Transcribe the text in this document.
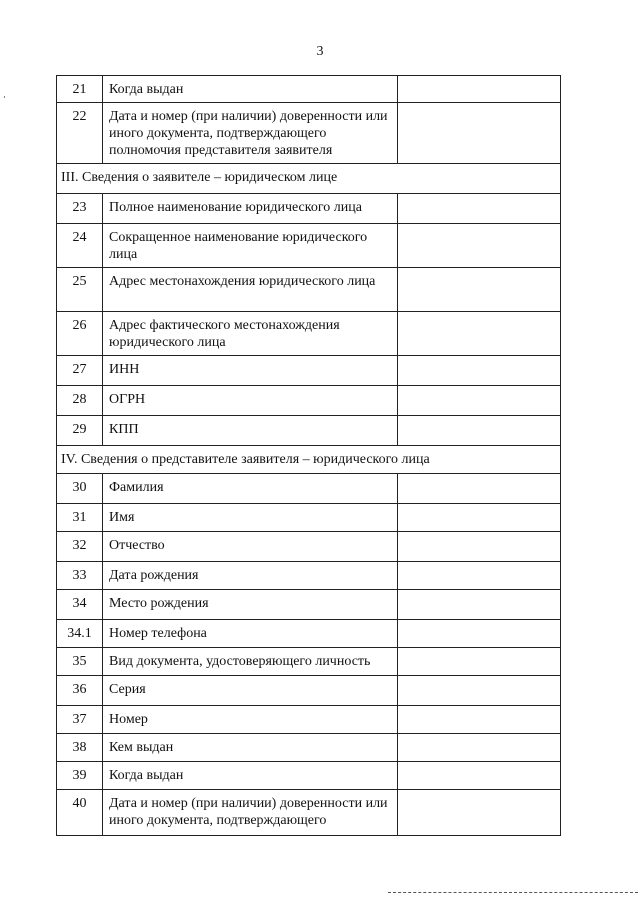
3
21	Когда выдан	
22	Дата и номер (при наличии) доверенности или иного документа, подтверждающего полномочия представителя заявителя	
III. Сведения о заявителе – юридическом лице		
23	Полное наименование юридического лица	
24	Сокращенное наименование юридического лица	
25	Адрес местонахождения юридического лица	
26	Адрес фактического местонахождения юридического лица	
27	ИНН	
28	ОГРН	
29	КПП	
IV. Сведения о представителе заявителя – юридического лица		
30	Фамилия	
31	Имя	
32	Отчество	
33	Дата рождения	
34	Место рождения	
34.1	Номер телефона	
35	Вид документа, удостоверяющего личность	
36	Серия	
37	Номер	
38	Кем выдан	
39	Когда выдан	
40	Дата и номер (при наличии) доверенности или иного документа, подтверждающего	
